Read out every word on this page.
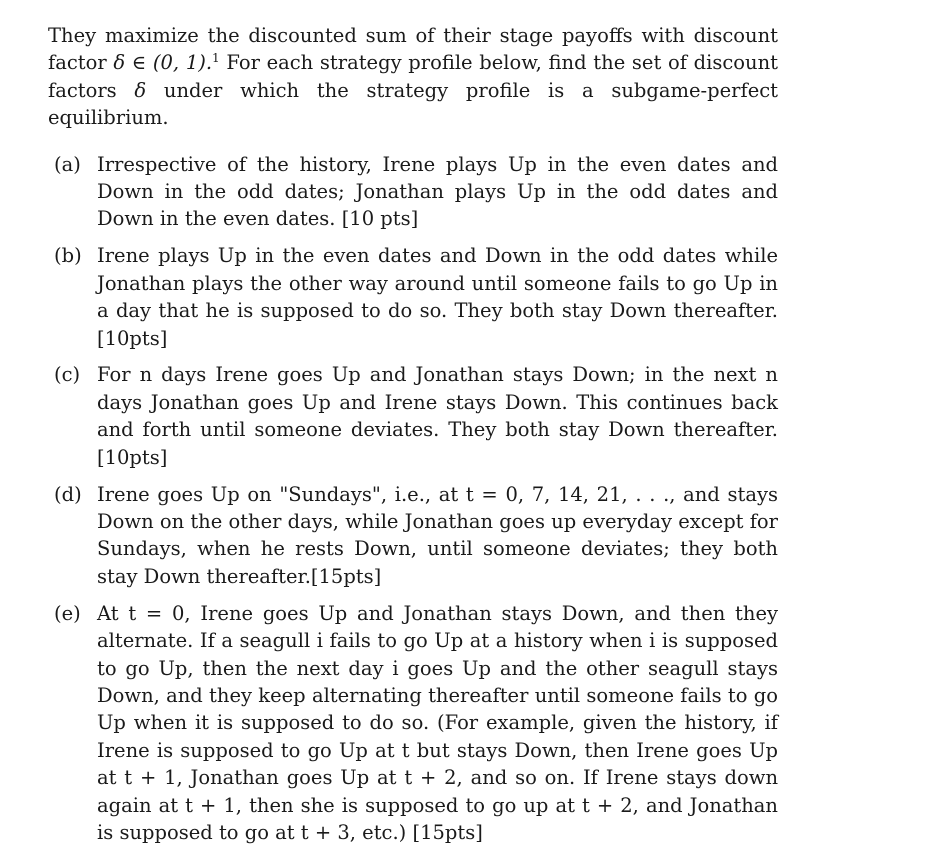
They maximize the discounted sum of their stage payoffs with discount factor δ ∈ (0, 1).$^1$ For each strategy profile below, find the set of discount factors δ under which the strategy profile is a subgame-perfect equilibrium.

(a) Irrespective of the history, Irene plays Up in the even dates and Down in the odd dates; Jonathan plays Up in the odd dates and Down in the even dates. [10 pts]
(b) Irene plays Up in the even dates and Down in the odd dates while Jonathan plays the other way around until someone fails to go Up in a day that he is supposed to do so. They both stay Down thereafter. [10pts]
(c) For n days Irene goes Up and Jonathan stays Down; in the next n days Jonathan goes Up and Irene stays Down. This continues back and forth until someone deviates. They both stay Down thereafter. [10pts]
(d) Irene goes Up on "Sundays", i.e., at t = 0, 7, 14, 21, . . ., and stays Down on the other days, while Jonathan goes up everyday except for Sundays, when he rests Down, until someone deviates; they both stay Down thereafter.[15pts]
(e) At t = 0, Irene goes Up and Jonathan stays Down, and then they alternate. If a seagull i fails to go Up at a history when i is supposed to go Up, then the next day i goes Up and the other seagull stays Down, and they keep alternating thereafter until someone fails to go Up when it is supposed to do so. (For example, given the history, if Irene is supposed to go Up at t but stays Down, then Irene goes Up at t + 1, Jonathan goes Up at t + 2, and so on. If Irene stays down again at t + 1, then she is supposed to go up at t + 2, and Jonathan is supposed to go at t + 3, etc.) [15pts]
